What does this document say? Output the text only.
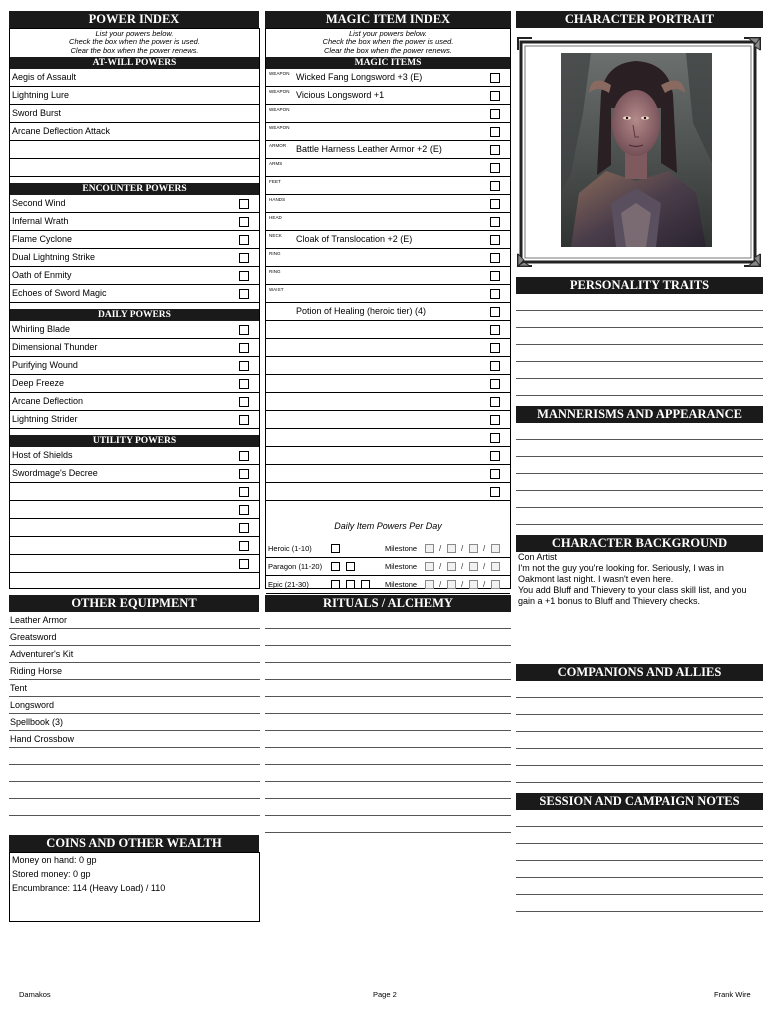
POWER INDEX
List your powers below.
Check the box when the power is used.
Clear the box when the power renews.
AT-WILL POWERS
Aegis of Assault
Lightning Lure
Sword Burst
Arcane Deflection Attack
ENCOUNTER POWERS
Second Wind
Infernal Wrath
Flame Cyclone
Dual Lightning Strike
Oath of Enmity
Echoes of Sword Magic
DAILY POWERS
Whirling Blade
Dimensional Thunder
Purifying Wound
Deep Freeze
Arcane Deflection
Lightning Strider
UTILITY POWERS
Host of Shields
Swordmage's Decree
OTHER EQUIPMENT
Leather Armor
Greatsword
Adventurer's Kit
Riding Horse
Tent
Longsword
Spellbook (3)
Hand Crossbow
COINS AND OTHER WEALTH
Money on hand: 0 gp
Stored money: 0 gp
Encumbrance: 114 (Heavy Load) / 110
MAGIC ITEM INDEX
List your powers below.
Check the box when the power is used.
Clear the box when the power renews.
MAGIC ITEMS
WEAPON Wicked Fang Longsword +3 (E)
WEAPON Vicious Longsword +1
WEAPON
WEAPON
ARMOR Battle Harness Leather Armor +2 (E)
ARMS
FEET
HANDS
HEAD
NECK Cloak of Translocation +2 (E)
RING
RING
WAIST
Potion of Healing (heroic tier) (4)
Daily Item Powers Per Day
Heroic (1-10)	Milestone	/ / /
Paragon (11-20)	Milestone	/ / /
Epic (21-30)	Milestone	/ / /
RITUALS / ALCHEMY
CHARACTER PORTRAIT
PERSONALITY TRAITS
MANNERISMS AND APPEARANCE
CHARACTER BACKGROUND
Con Artist
I'm not the guy you're looking for. Seriously, I was in
Oakmont last night. I wasn't even here.
You add Bluff and Thievery to your class skill list, and you
gain a +1 bonus to Bluff and Thievery checks.
COMPANIONS AND ALLIES
SESSION AND CAMPAIGN NOTES
Damakos	Page 2	Frank Wire
